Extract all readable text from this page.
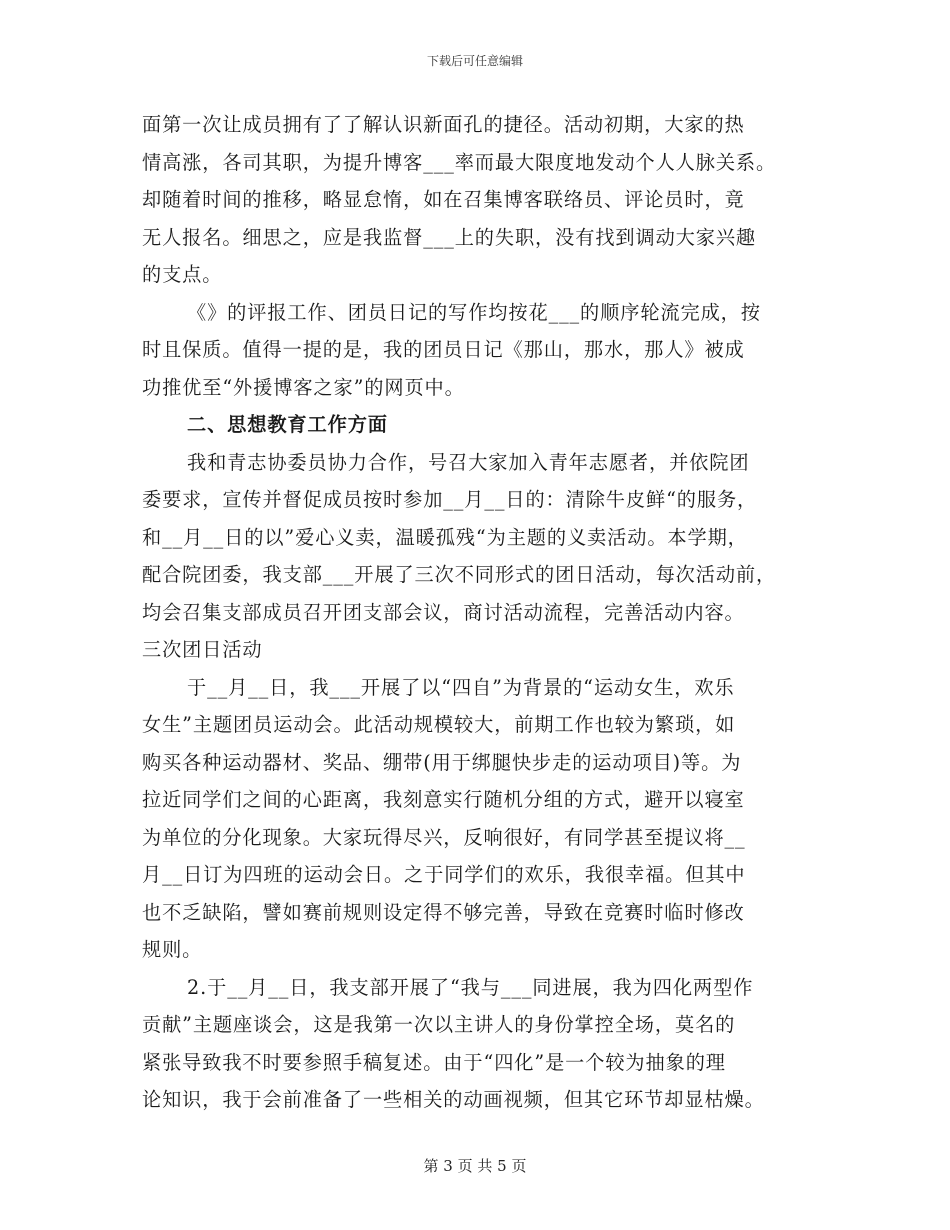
下载后可任意编辑
面第一次让成员拥有了了解认识新面孔的捷径。活动初期，大家的热
情高涨，各司其职，为提升博客___率而最大限度地发动个人人脉关系。
却随着时间的推移，略显怠惰，如在召集博客联络员、评论员时，竟
无人报名。细思之，应是我监督___上的失职，没有找到调动大家兴趣
的支点。
《》的评报工作、团员日记的写作均按花___的顺序轮流完成，按
时且保质。值得一提的是，我的团员日记《那山，那水，那人》被成
功推优至“外援博客之家”的网页中。
二、思想教育工作方面
我和青志协委员协力合作，号召大家加入青年志愿者，并依院团
委要求，宣传并督促成员按时参加__月__日的：清除牛皮鲜“的服务，
和__月__日的以”爱心义卖，温暖孤残“为主题的义卖活动。本学期，
配合院团委，我支部___开展了三次不同形式的团日活动，每次活动前，
均会召集支部成员召开团支部会议，商讨活动流程，完善活动内容。
三次团日活动
于__月__日，我___开展了以“四自”为背景的“运动女生，欢乐
女生”主题团员运动会。此活动规模较大，前期工作也较为繁琐，如
购买各种运动器材、奖品、绷带(用于绑腿快步走的运动项目)等。为
拉近同学们之间的心距离，我刻意实行随机分组的方式，避开以寝室
为单位的分化现象。大家玩得尽兴，反响很好，有同学甚至提议将__
月__日订为四班的运动会日。之于同学们的欢乐，我很幸福。但其中
也不乏缺陷，譬如赛前规则设定得不够完善，导致在竞赛时临时修改
规则。
2.于__月__日，我支部开展了“我与___同进展，我为四化两型作
贡献”主题座谈会，这是我第一次以主讲人的身份掌控全场，莫名的
紧张导致我不时要参照手稿复述。由于“四化”是一个较为抽象的理
论知识，我于会前准备了一些相关的动画视频，但其它环节却显枯燥。
第 3 页 共 5 页
